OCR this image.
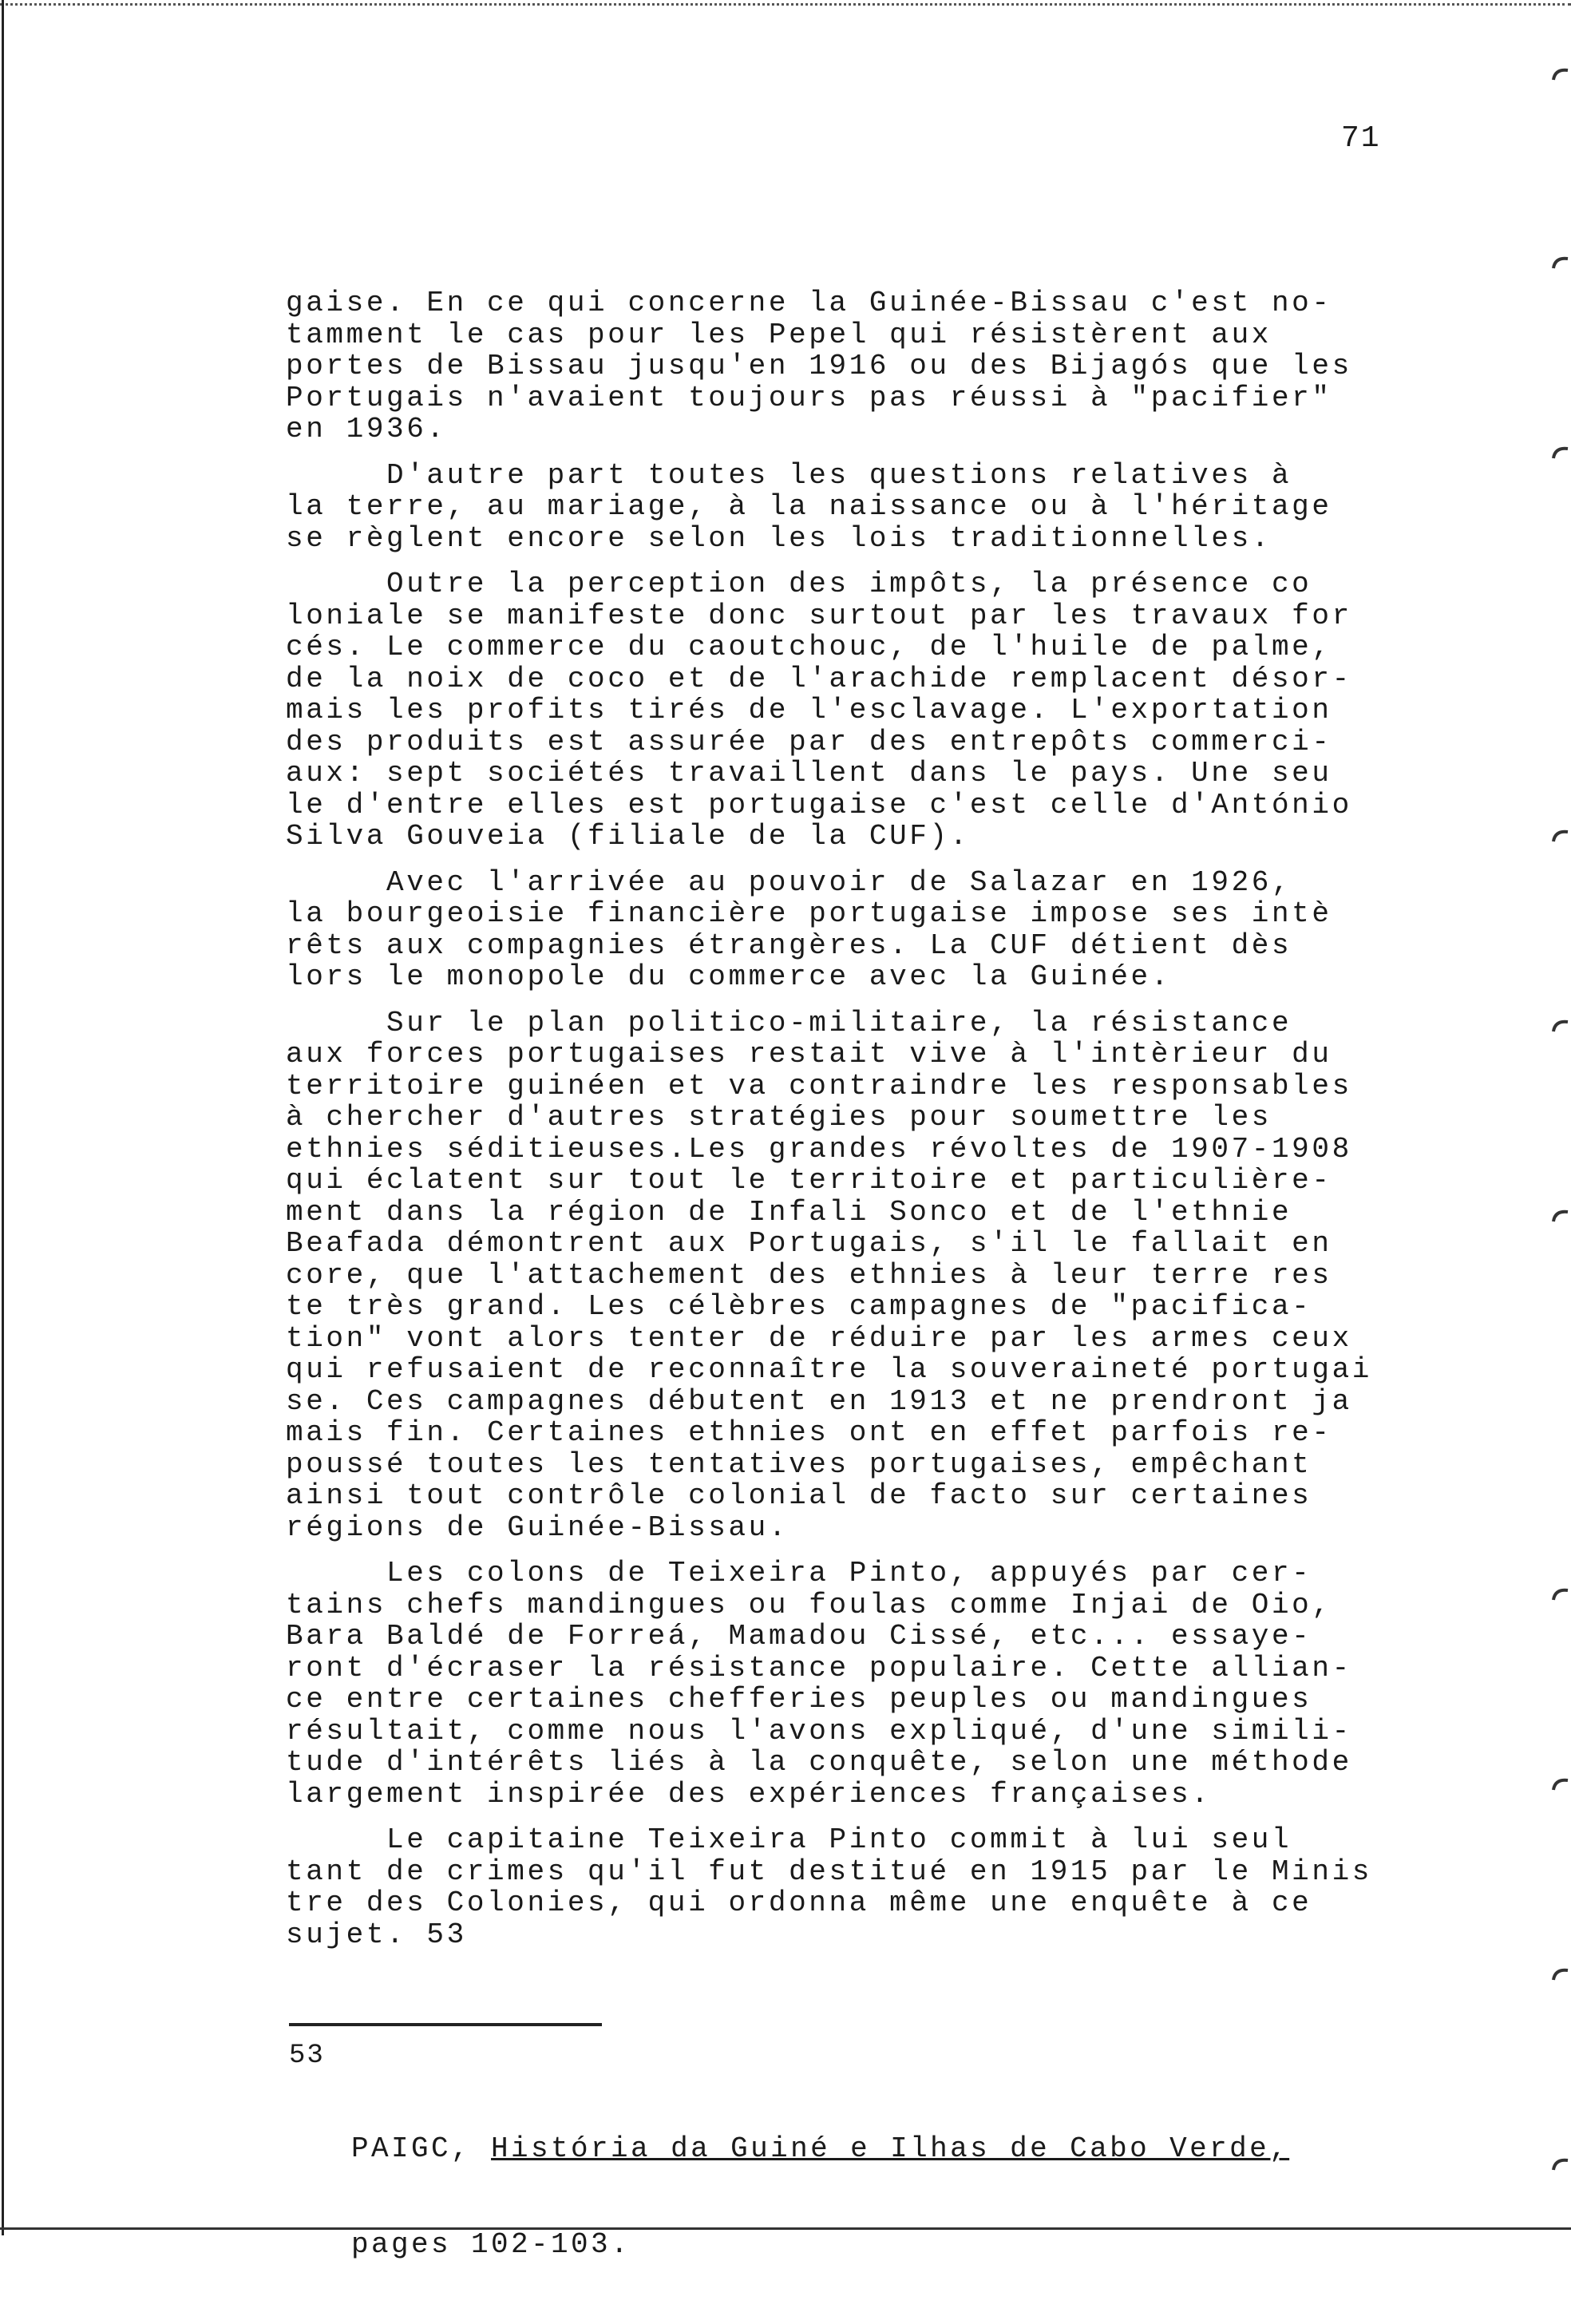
71
gaise. En ce qui concerne la Guinée-Bissau c'est no-
tamment le cas pour les Pepel qui résistèrent aux
portes de Bissau jusqu'en 1916 ou des Bijagós que les
Portugais n'avaient toujours pas réussi à "pacifier"
en 1936.
D'autre part toutes les questions relatives à
la terre, au mariage, à la naissance ou à l'héritage
se règlent encore selon les lois traditionnelles.
Outre la perception des impôts, la présence co
loniale se manifeste donc surtout par les travaux for
cés. Le commerce du caoutchouc, de l'huile de palme,
de la noix de coco et de l'arachide remplacent désor-
mais les profits tirés de l'esclavage. L'exportation
des produits est assurée par des entrepôts commerci-
aux: sept sociétés travaillent dans le pays. Une seu
le d'entre elles est portugaise c'est celle d'António
Silva Gouveia (filiale de la CUF).
Avec l'arrivée au pouvoir de Salazar en 1926,
la bourgeoisie financière portugaise impose ses intè
rêts aux compagnies étrangères. La CUF détient dès
lors le monopole du commerce avec la Guinée.
Sur le plan politico-militaire, la résistance
aux forces portugaises restait vive à l'intèrieur du
territoire guinéen et va contraindre les responsables
à chercher d'autres stratégies pour soumettre les
ethnies séditieuses.Les grandes révoltes de 1907-1908
qui éclatent sur tout le territoire et particulière-
ment dans la région de Infali Sonco et de l'ethnie
Beafada démontrent aux Portugais, s'il le fallait en
core, que l'attachement des ethnies à leur terre res
te très grand. Les célèbres campagnes de "pacifica-
tion" vont alors tenter de réduire par les armes ceux
qui refusaient de reconnaître la souveraineté portugai
se. Ces campagnes débutent en 1913 et ne prendront ja
mais fin. Certaines ethnies ont en effet parfois re-
poussé toutes les tentatives portugaises, empêchant
ainsi tout contrôle colonial de facto sur certaines
régions de Guinée-Bissau.
Les colons de Teixeira Pinto, appuyés par cer-
tains chefs mandingues ou foulas comme Injai de Oio,
Bara Baldé de Forreá, Mamadou Cissé, etc... essaye-
ront d'écraser la résistance populaire. Cette allian-
ce entre certaines chefferies peuples ou mandingues
résultait, comme nous l'avons expliqué, d'une simili-
tude d'intérêts liés à la conquête, selon une méthode
largement inspirée des expériences françaises.
Le capitaine Teixeira Pinto commit à lui seul
tant de crimes qu'il fut destitué en 1915 par le Minis
tre des Colonies, qui ordonna même une enquête à ce
sujet. 53
53

PAIGC, História da Guiné e Ilhas de Cabo Verde,

pages 102-103.
